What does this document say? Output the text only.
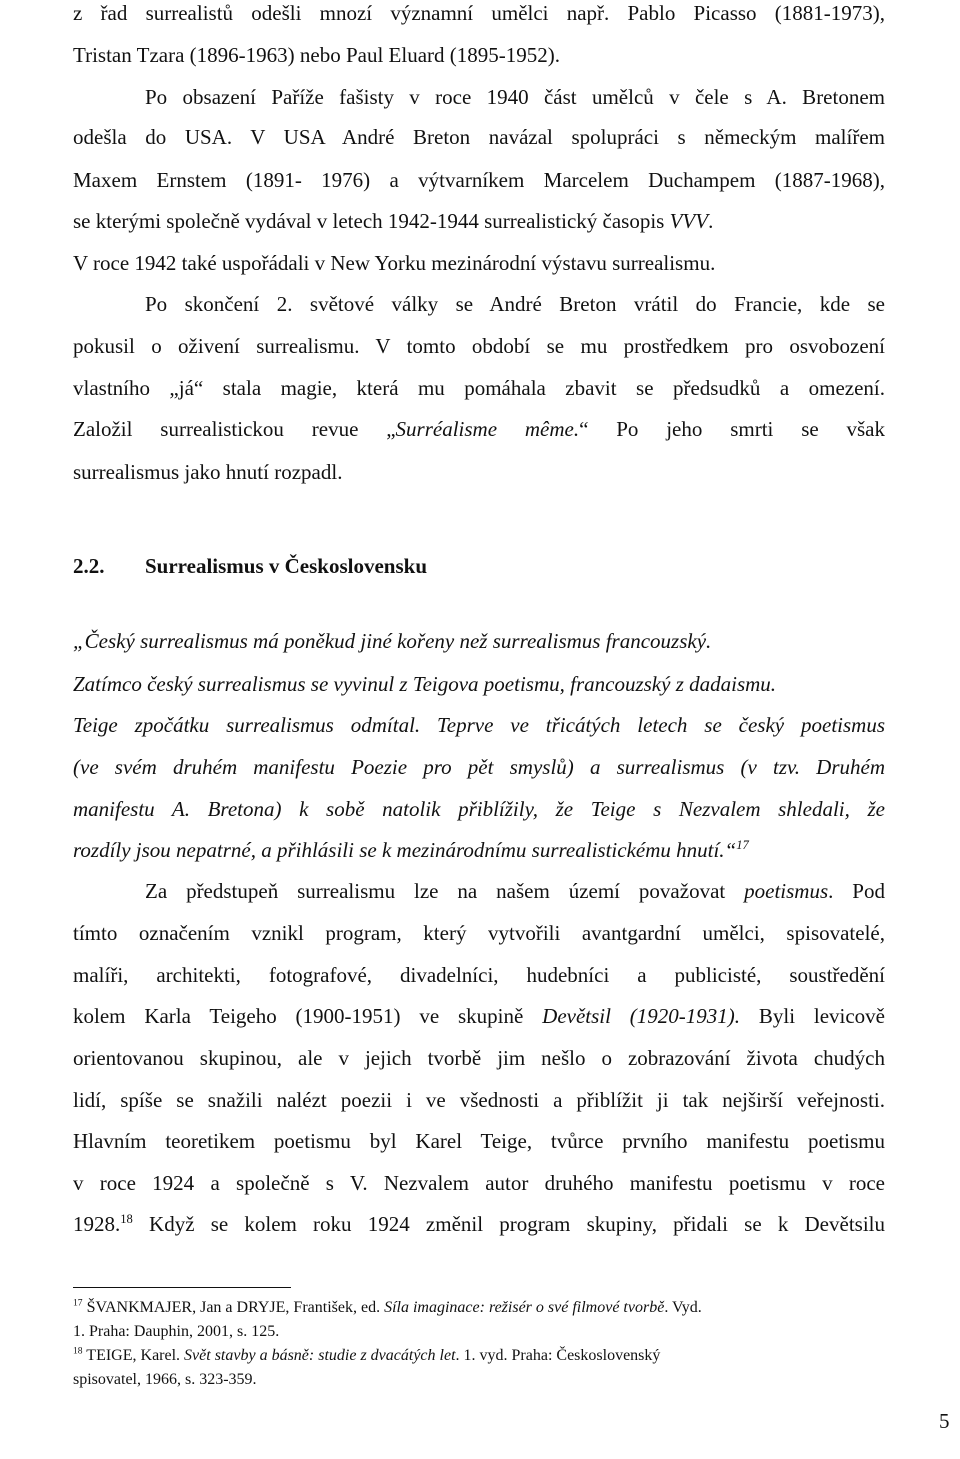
z řad surrealistů odešli mnozí významní umělci např. Pablo Picasso (1881-1973),
Tristan Tzara (1896-1963) nebo Paul Eluard (1895-1952).
Po obsazení Paříže fašisty v roce 1940 část umělců v čele s A. Bretonem
odešla do USA. V USA André Breton navázal spolupráci s německým malířem
Maxem Ernstem (1891- 1976) a výtvarníkem Marcelem Duchampem (1887-1968),
se kterými společně vydával v letech 1942-1944 surrealistický časopis VVV.
V roce 1942 také uspořádali v New Yorku mezinárodní výstavu surrealismu.
Po skončení 2. světové války se André Breton vrátil do Francie, kde se
pokusil o oživení surrealismu. V tomto období se mu prostředkem pro osvobození
vlastního „já“ stala magie, která mu pomáhala zbavit se předsudků a omezení.
Založil surrealistickou revue „Surréalisme même.“ Po jeho smrti se však
surrealismus jako hnutí rozpadl.
2.2. Surrealismus v Československu
„Český surrealismus má poněkud jiné kořeny než surrealismus francouzský.
Zatímco český surrealismus se vyvinul z Teigova poetismu, francouzský z dadaismu.
Teige zpočátku surrealismus odmítal. Teprve ve třicátých letech se český poetismus
(ve svém druhém manifestu Poezie pro pět smyslů) a surrealismus (v tzv. Druhém
manifestu A. Bretona) k sobě natolik přiblížily, že Teige s Nezvalem shledali, že
rozdíly jsou nepatrné, a přihlásili se k mezinárodnímu surrealistickému hnutí.“$^{17}$
Za předstupeň surrealismu lze na našem území považovat poetismus. Pod
tímto označením vznikl program, který vytvořili avantgardní umělci, spisovatelé,
malíři, architekti, fotografové, divadelníci, hudebníci a publicisté, soustředění
kolem Karla Teigeho (1900-1951) ve skupině Devětsil (1920-1931). Byli levicově
orientovanou skupinou, ale v jejich tvorbě jim nešlo o zobrazování života chudých
lidí, spíše se snažili nalézt poezii i ve všednosti a přiblížit ji tak nejširší veřejnosti.
Hlavním teoretikem poetismu byl Karel Teige, tvůrce prvního manifestu poetismu
v roce 1924 a společně s V. Nezvalem autor druhého manifestu poetismu v roce
1928.18 Když se kolem roku 1924 změnil program skupiny, přidali se k Devětsilu
$^{17}$ ŠVANKMAJER, Jan a DRYJE, František, ed. Síla imaginace: režisér o své filmové tvorbě. Vyd.
1. Praha: Dauphin, 2001, s. 125.
$^{18}$ TEIGE, Karel. Svět stavby a básně: studie z dvacátých let. 1. vyd. Praha: Československý
spisovatel, 1966, s. 323-359.
5
